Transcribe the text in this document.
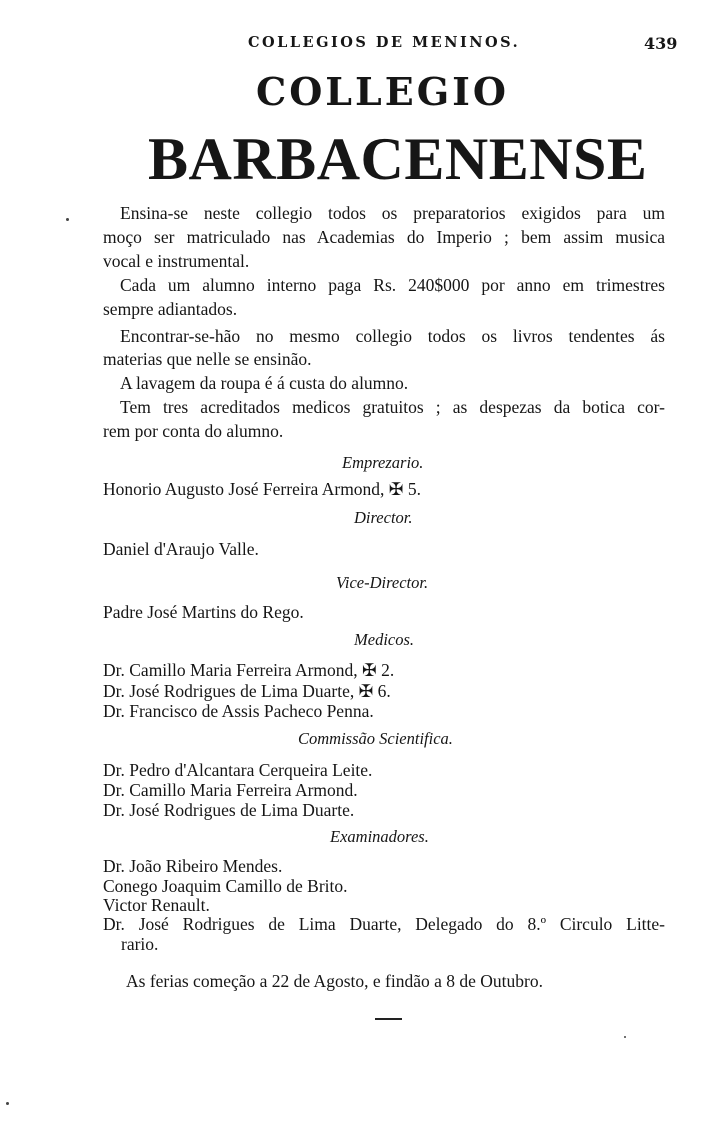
COLLEGIOS DE MENINOS.	439
COLLEGIO
BARBACENENSE
Ensina-se neste collegio todos os preparatorios exigidos para um
moço ser matriculado nas Academias do Imperio ; bem assim musica
vocal e instrumental.
Cada um alumno interno paga Rs. 240$000 por anno em trimestres
sempre adiantados.
Encontrar-se-hão no mesmo collegio todos os livros tendentes ás
materias que nelle se ensinão.
A lavagem da roupa é á custa do alumno.
Tem tres acreditados medicos gratuitos ; as despezas da botica cor-
rem por conta do alumno.
Emprezario.
Honorio Augusto José Ferreira Armond, ✠ 5.
Director.
Daniel d'Araujo Valle.
Vice-Director.
Padre José Martins do Rego.
Medicos.
Dr. Camillo Maria Ferreira Armond, ✠ 2.
Dr. José Rodrigues de Lima Duarte, ✠ 6.
Dr. Francisco de Assis Pacheco Penna.
Commissão Scientifica.
Dr. Pedro d'Alcantara Cerqueira Leite.
Dr. Camillo Maria Ferreira Armond.
Dr. José Rodrigues de Lima Duarte.
Examinadores.
Dr. João Ribeiro Mendes.
Conego Joaquim Camillo de Brito.
Victor Renault.
Dr. José Rodrigues de Lima Duarte, Delegado do 8.º Circulo Litte-
rario.
As ferias começão a 22 de Agosto, e findão a 8 de Outubro.
